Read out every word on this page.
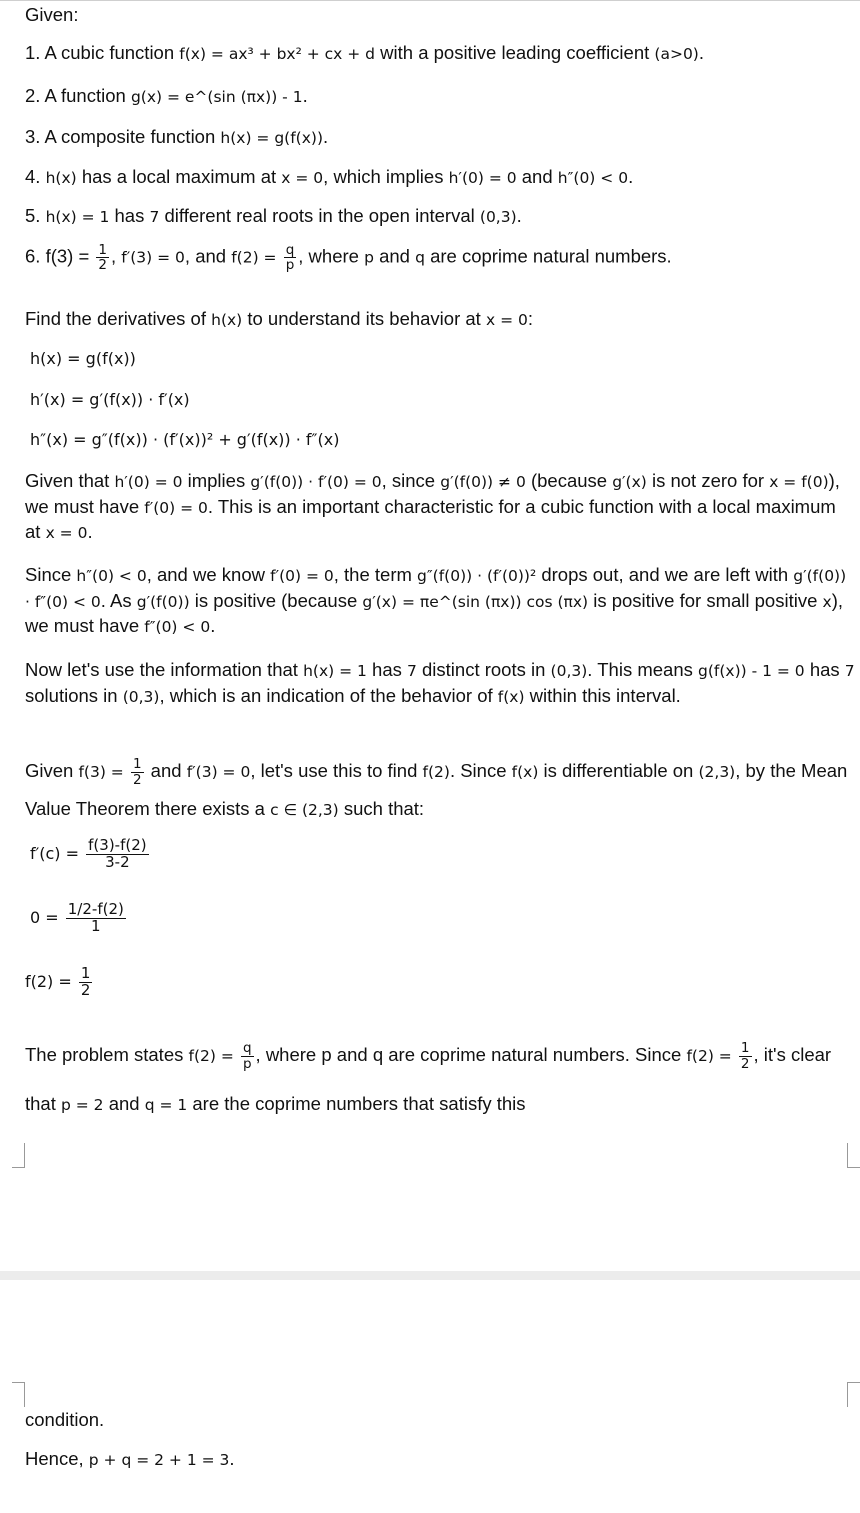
Given:
1. A cubic function f(x) = ax³ + bx² + cx + d with a positive leading coefficient (a>0).
2. A function g(x) = e^(sin (πx)) - 1.
3. A composite function h(x) = g(f(x)).
4. h(x) has a local maximum at x = 0, which implies h′(0) = 0 and h″(0) < 0.
5. h(x) = 1 has 7 different real roots in the open interval (0,3).
6. $f(3) = \frac{1}{2}$ , f′(3) = 0, and $f(2) = \frac{q}{p}$ , where p and q are coprime natural numbers.
Find the derivatives of h(x) to understand its behavior at x = 0:
h(x) = g(f(x))
h′(x) = g′(f(x)) · f′(x)
h″(x) = g″(f(x)) · (f′(x))² + g′(f(x)) · f″(x)
Given that h′(0) = 0 implies g′(f(0)) · f′(0) = 0, since g′(f(0)) ≠ 0 (because g′(x) is not zero for x = f(0)), we must have f′(0) = 0. This is an important characteristic for a cubic function with a local maximum at x = 0.
Since h″(0) < 0, and we know f′(0) = 0, the term g″(f(0)) · (f′(0))² drops out, and we are left with g′(f(0)) · f″(0) < 0. As g′(f(0)) is positive (because g′(x) = πe^(sin (πx)) cos (πx) is positive for small positive x), we must have f″(0) < 0.
Now let's use the information that h(x) = 1 has 7 distinct roots in (0,3). This means g(f(x)) - 1 = 0 has 7 solutions in (0,3), which is an indication of the behavior of f(x) within this interval.
Given $f(3) = \frac{1}{2}$ and f′(3) = 0, let's use this to find f(2). Since f(x) is differentiable on (2,3), by the Mean Value Theorem there exists a c ∈ (2,3) such that:
$f'(c) = \frac{f(3)-f(2)}{3-2}$
$0 = \frac{1/2-f(2)}{1}$
$f(2) = \frac{1}{2}$
The problem states $f(2) = \frac{q}{p}$ , where p and q are coprime natural numbers. Since $f(2) = \frac{1}{2}$ , it's clear that p = 2 and q = 1 are the coprime numbers that satisfy this
condition.
Hence, p + q = 2 + 1 = 3.
